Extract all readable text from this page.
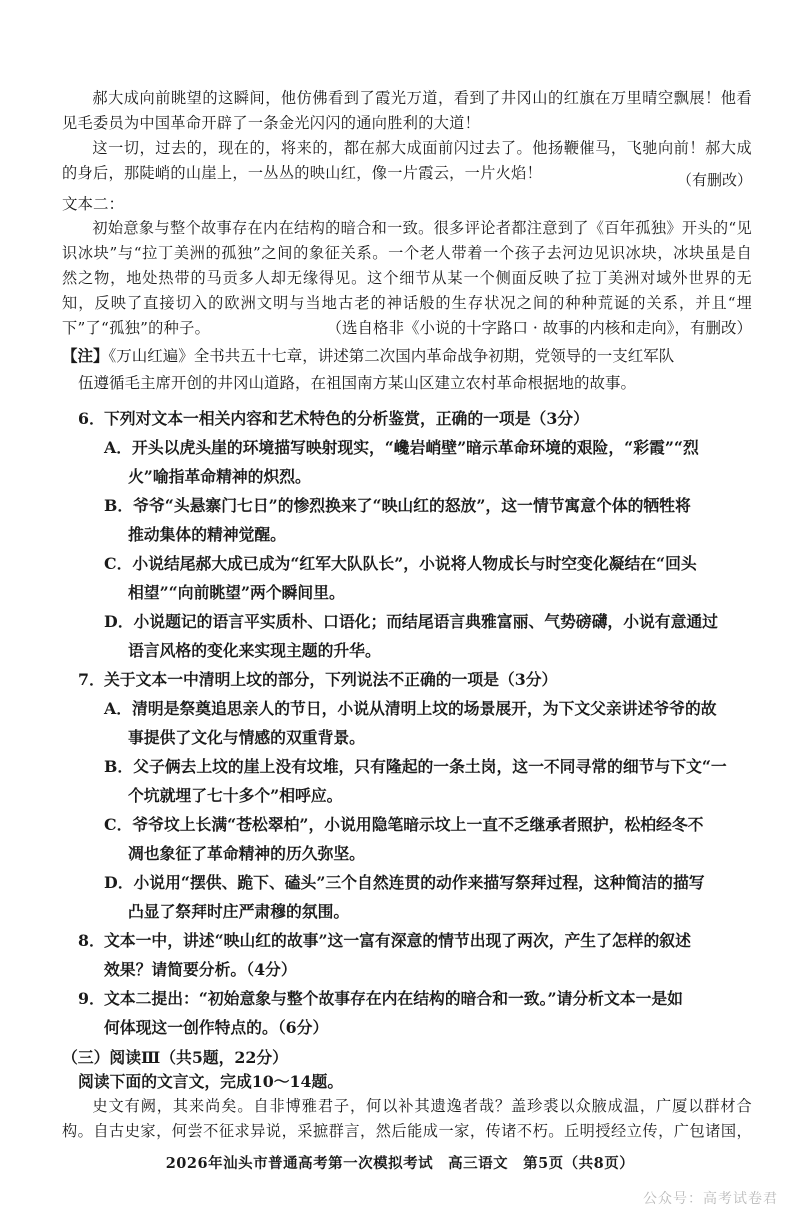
郝大成向前眺望的这瞬间，他仿佛看到了霞光万道，看到了井冈山的红旗在万里晴空飘展！他看见毛委员为中国革命开辟了一条金光闪闪的通向胜利的大道！

这一切，过去的，现在的，将来的，都在郝大成面前闪过去了。他扬鞭催马，飞驰向前！郝大成的身后，那陡峭的山崖上，一丛丛的映山红，像一片霞云，一片火焰！	（有删改）

文本二：

初始意象与整个故事存在内在结构的暗合和一致。很多评论者都注意到了《百年孤独》开头的“见识冰块”与“拉丁美洲的孤独”之间的象征关系。一个老人带着一个孩子去河边见识冰块，冰块虽是自然之物，地处热带的马贡多人却无缘得见。这个细节从某一个侧面反映了拉丁美洲对域外世界的无知，反映了直接切入的欧洲文明与当地古老的神话般的生存状况之间的种种荒诞的关系，并且“埋下”了“孤独”的种子。	（选自格非《小说的十字路口 · 故事的内核和走向》，有删改）
【注】《万山红遍》全书共五十七章，讲述第二次国内革命战争初期，党领导的一支红军队
伍遵循毛主席开创的井冈山道路，在祖国南方某山区建立农村革命根据地的故事。

6．下列对文本一相关内容和艺术特色的分析鉴赏，正确的一项是（3分）

A．开头以虎头崖的环境描写映射现实，“巉岩峭壁”暗示革命环境的艰险，“彩霞”“烈
火”喻指革命精神的炽烈。

B．爷爷“头悬寨门七日”的惨烈换来了“映山红的怒放”，这一情节寓意个体的牺牲将
推动集体的精神觉醒。

C．小说结尾郝大成已成为“红军大队队长”，小说将人物成长与时空变化凝结在“回头
相望”“向前眺望”两个瞬间里。

D．小说题记的语言平实质朴、口语化；而结尾语言典雅富丽、气势磅礴，小说有意通过
语言风格的变化来实现主题的升华。

7．关于文本一中清明上坟的部分，下列说法不正确的一项是（3分）

A．清明是祭奠追思亲人的节日，小说从清明上坟的场景展开，为下文父亲讲述爷爷的故
事提供了文化与情感的双重背景。

B．父子俩去上坟的崖上没有坟堆，只有隆起的一条土岗，这一不同寻常的细节与下文“一
个坑就埋了七十多个”相呼应。

C．爷爷坟上长满“苍松翠柏”，小说用隐笔暗示坟上一直不乏继承者照护，松柏经冬不
凋也象征了革命精神的历久弥坚。

D．小说用“摆供、跪下、磕头”三个自然连贯的动作来描写祭拜过程，这种简洁的描写
凸显了祭拜时庄严肃穆的氛围。

8．文本一中，讲述“映山红的故事”这一富有深意的情节出现了两次，产生了怎样的叙述
效果？请简要分析。（4分）

9．文本二提出：“初始意象与整个故事存在内在结构的暗合和一致。”请分析文本一是如
何体现这一创作特点的。（6分）

（三）阅读Ⅲ（共5题，22分）

阅读下面的文言文，完成10～14题。

史文有阙，其来尚矣。自非博雅君子，何以补其遗逸者哉？盖珍裘以众腋成温，广厦以群材合构。自古史家，何尝不征求异说，采摭群言，然后能成一家，传诸不朽。丘明授经立传，广包诸国，

2026年汕头市普通高考第一次模拟考试　高三语文　第5页（共8页）
公众号：高考试卷君
